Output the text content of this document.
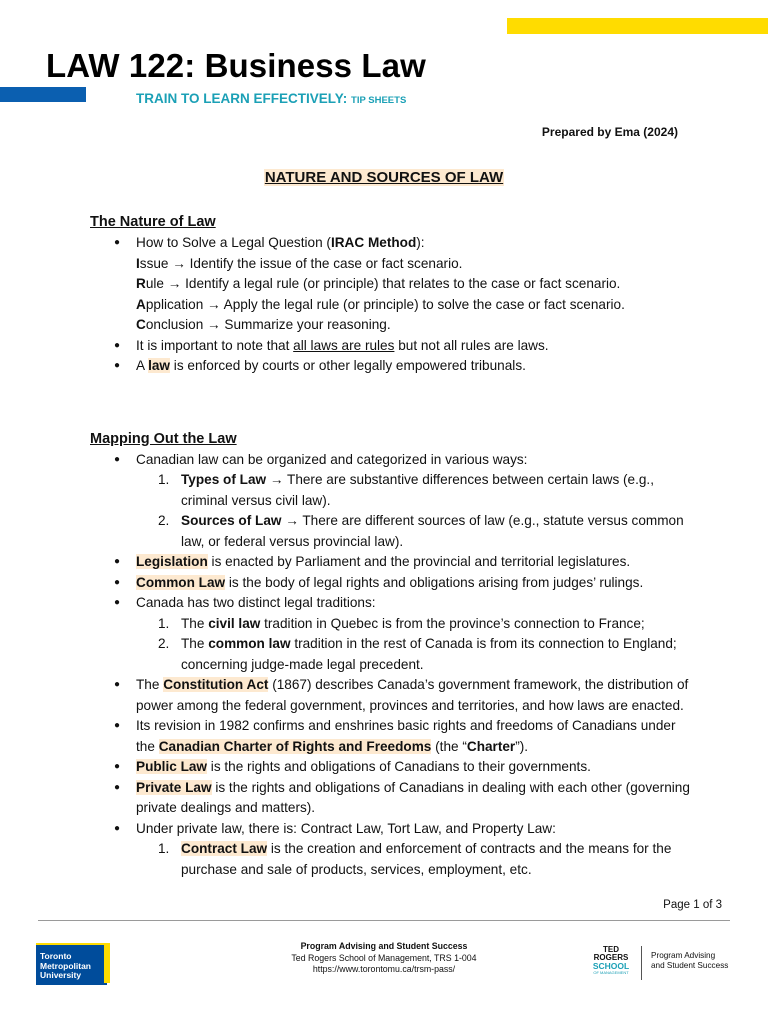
LAW 122: Business Law
TRAIN TO LEARN EFFECTIVELY: TIP SHEETS
Prepared by Ema (2024)
NATURE AND SOURCES OF LAW
The Nature of Law
● How to Solve a Legal Question (IRAC Method):
Issue → Identify the issue of the case or fact scenario.
Rule → Identify a legal rule (or principle) that relates to the case or fact scenario.
Application → Apply the legal rule (or principle) to solve the case or fact scenario.
Conclusion → Summarize your reasoning.
● It is important to note that all laws are rules but not all rules are laws.
● A law is enforced by courts or other legally empowered tribunals.
Mapping Out the Law
● Canadian law can be organized and categorized in various ways:
1. Types of Law → There are substantive differences between certain laws (e.g., criminal versus civil law).
2. Sources of Law → There are different sources of law (e.g., statute versus common law, or federal versus provincial law).
● Legislation is enacted by Parliament and the provincial and territorial legislatures.
● Common Law is the body of legal rights and obligations arising from judges’ rulings.
● Canada has two distinct legal traditions:
1. The civil law tradition in Quebec is from the province’s connection to France;
2. The common law tradition in the rest of Canada is from its connection to England; concerning judge-made legal precedent.
● The Constitution Act (1867) describes Canada’s government framework, the distribution of power among the federal government, provinces and territories, and how laws are enacted.
● Its revision in 1982 confirms and enshrines basic rights and freedoms of Canadians under the Canadian Charter of Rights and Freedoms (the “Charter”).
● Public Law is the rights and obligations of Canadians to their governments.
● Private Law is the rights and obligations of Canadians in dealing with each other (governing private dealings and matters).
● Under private law, there is: Contract Law, Tort Law, and Property Law:
1. Contract Law is the creation and enforcement of contracts and the means for the purchase and sale of products, services, employment, etc.
Page 1 of 3
Toronto
Metropolitan
University
Program Advising and Student Success
Ted Rogers School of Management, TRS 1-004
https://www.torontomu.ca/trsm-pass/
TED
ROGERS
SCHOOL
OF MANAGEMENT
Program Advising
and Student Success
